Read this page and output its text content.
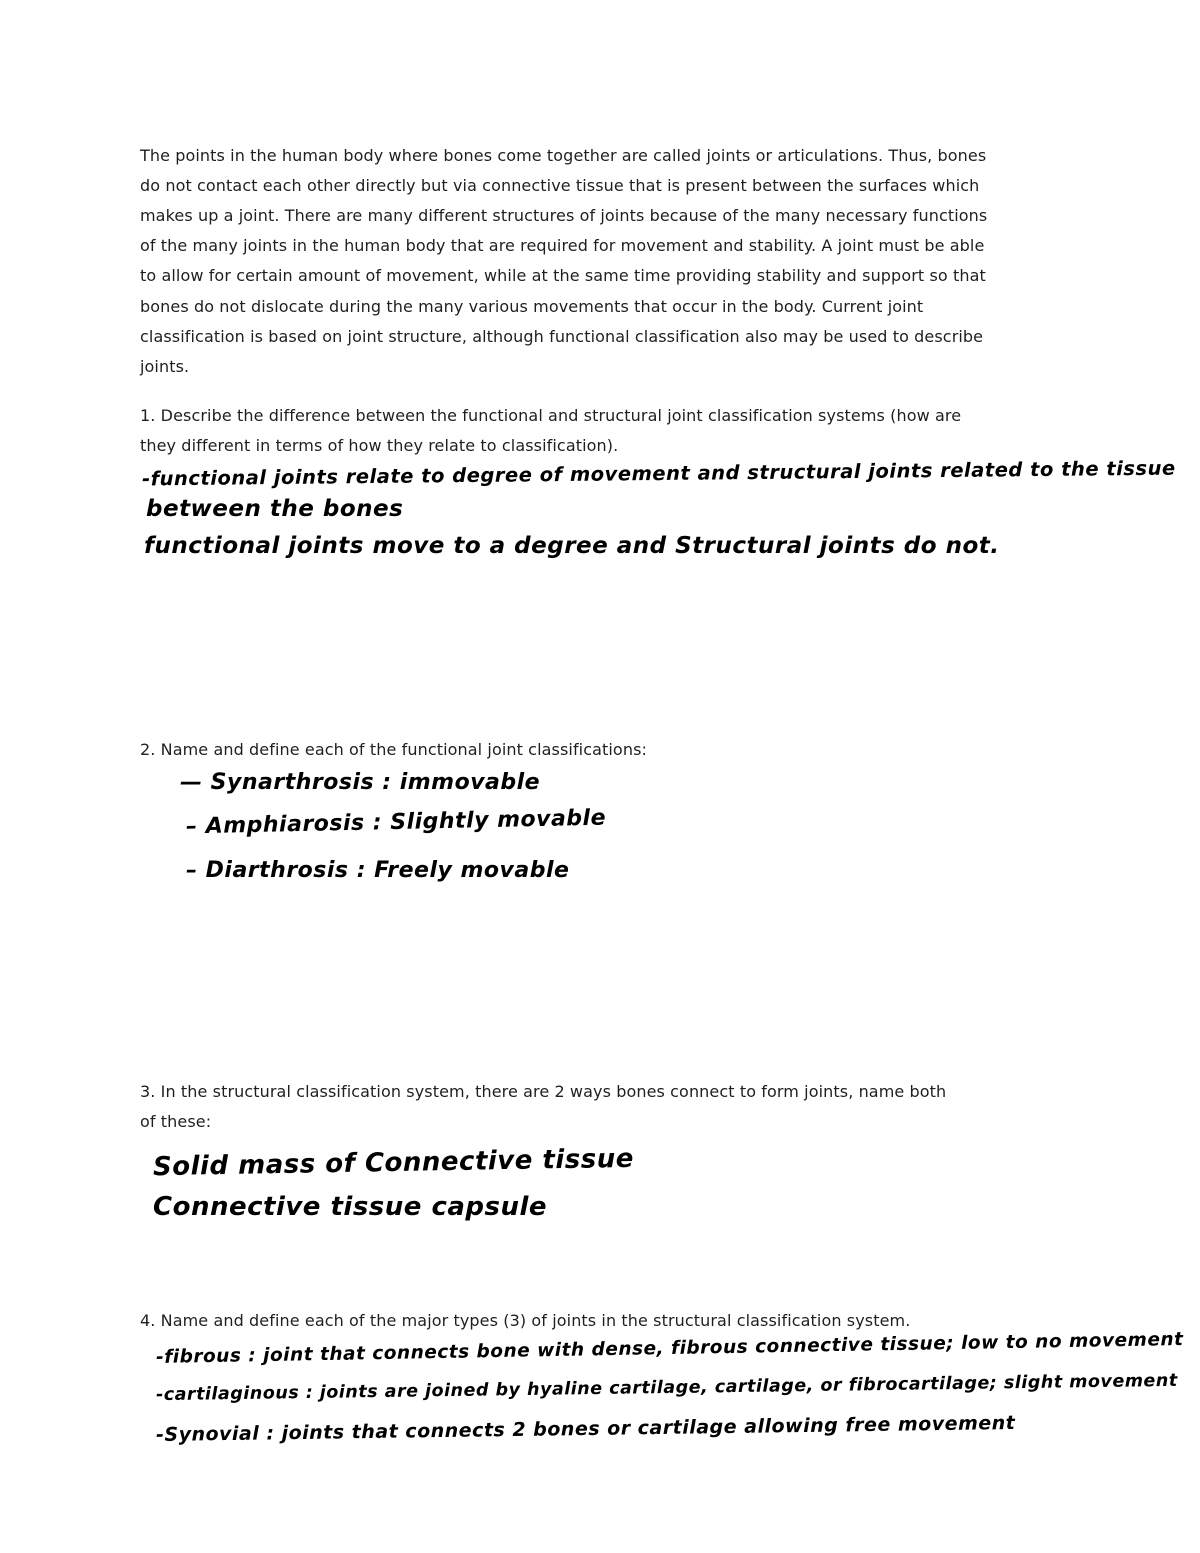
The points in the human body where bones come together are called joints or articulations. Thus, bones
do not contact each other directly but via connective tissue that is present between the surfaces which
makes up a joint. There are many different structures of joints because of the many necessary functions
of the many joints in the human body that are required for movement and stability. A joint must be able
to allow for certain amount of movement, while at the same time providing stability and support so that
bones do not dislocate during the many various movements that occur in the body. Current joint
classification is based on joint structure, although functional classification also may be used to describe
joints.
1. Describe the difference between the functional and structural joint classification systems (how are
they different in terms of how they relate to classification).
-functional joints relate to degree of movement and structural joints related to the tissue
between the bones
functional joints move to a degree and Structural joints do not.
2. Name and define each of the functional joint classifications:
— Synarthrosis : immovable
– Amphiarosis : Slightly movable
– Diarthrosis : Freely movable
3. In the structural classification system, there are 2 ways bones connect to form joints, name both
of these:
Solid mass of Connective tissue
Connective tissue capsule
4. Name and define each of the major types (3) of joints in the structural classification system.
-fibrous : joint that connects bone with dense, fibrous connective tissue; low to no movement
-cartilaginous : joints are joined by hyaline cartilage, cartilage, or fibrocartilage; slight movement
-Synovial : joints that connects 2 bones or cartilage allowing free movement
